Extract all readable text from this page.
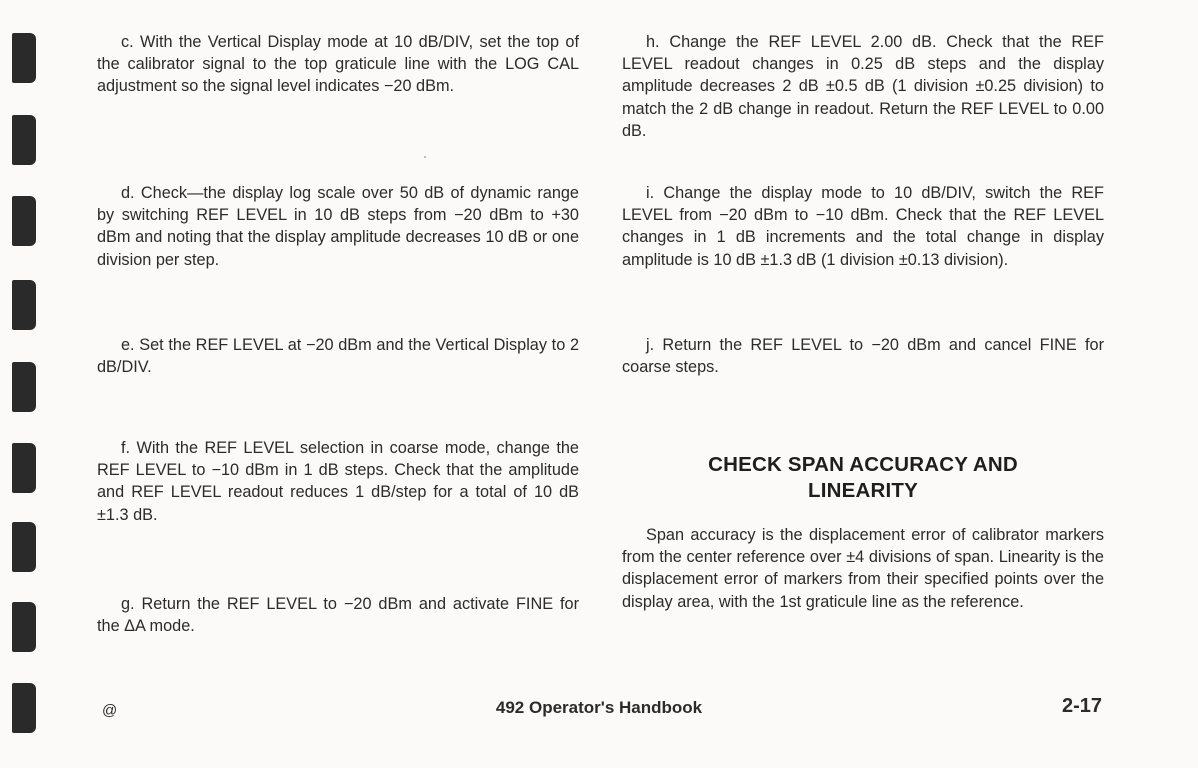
c. With the Vertical Display mode at 10 dB/DIV, set the top of the calibrator signal to the top graticule line with the LOG CAL adjustment so the signal level indicates −20 dBm.

d. Check—the display log scale over 50 dB of dynamic range by switching REF LEVEL in 10 dB steps from −20 dBm to +30 dBm and noting that the display amplitude decreases 10 dB or one division per step.

e. Set the REF LEVEL at −20 dBm and the Vertical Display to 2 dB/DIV.

f. With the REF LEVEL selection in coarse mode, change the REF LEVEL to −10 dBm in 1 dB steps. Check that the amplitude and REF LEVEL readout reduces 1 dB/step for a total of 10 dB ±1.3 dB.

g. Return the REF LEVEL to −20 dBm and activate FINE for the ΔA mode.

h. Change the REF LEVEL 2.00 dB. Check that the REF LEVEL readout changes in 0.25 dB steps and the display amplitude decreases 2 dB ±0.5 dB (1 division ±0.25 division) to match the 2 dB change in readout. Return the REF LEVEL to 0.00 dB.

i. Change the display mode to 10 dB/DIV, switch the REF LEVEL from −20 dBm to −10 dBm. Check that the REF LEVEL changes in 1 dB increments and the total change in display amplitude is 10 dB ±1.3 dB (1 division ±0.13 division).

j. Return the REF LEVEL to −20 dBm and cancel FINE for coarse steps.

CHECK SPAN ACCURACY AND
LINEARITY

Span accuracy is the displacement error of calibrator markers from the center reference over ±4 divisions of span. Linearity is the displacement error of markers from their specified points over the display area, with the 1st graticule line as the reference.

@	492 Operator's Handbook	2-17
